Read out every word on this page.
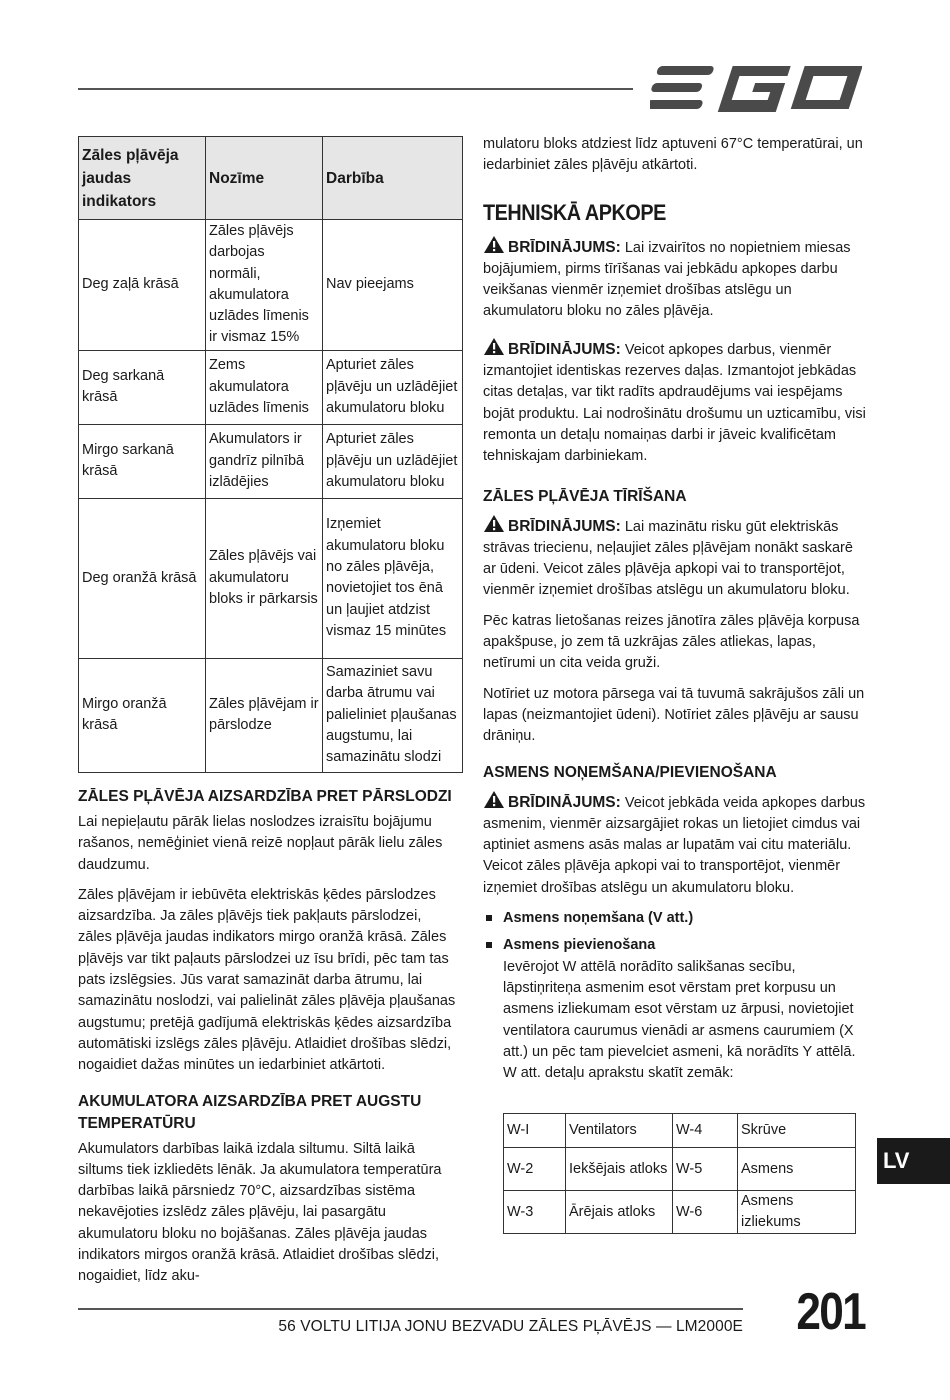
Zāles pļāvēja jaudas indikators	Nozīme	Darbība
Deg zaļā krāsā	Zāles pļāvējs darbojas normāli, akumulatora uzlādes līmenis ir vismaz 15%	Nav pieejams
Deg sarkanā krāsā	Zems akumulatora uzlādes līmenis	Apturiet zāles pļāvēju un uzlādējiet akumulatoru bloku
Mirgo sarkanā krāsā	Akumulators ir gandrīz pilnībā izlādējies	Apturiet zāles pļāvēju un uzlādējiet akumulatoru bloku
Deg oranžā krāsā	Zāles pļāvējs vai akumulatoru bloks ir pārkarsis	Izņemiet akumulatoru bloku no zāles pļāvēja, novietojiet tos ēnā un ļaujiet atdzist vismaz 15 minūtes
Mirgo oranžā krāsā	Zāles pļāvējam ir pārslodze	Samaziniet savu darba ātrumu vai palieliniet pļaušanas augstumu, lai samazinātu slodzi
ZĀLES PĻĀVĒJA AIZSARDZĪBA PRET PĀRSLODZI

Lai nepieļautu pārāk lielas noslodzes izraisītu bojājumu rašanos, nemēģiniet vienā reizē nopļaut pārāk lielu zāles daudzumu.

Zāles pļāvējam ir iebūvēta elektriskās ķēdes pārslodzes aizsardzība. Ja zāles pļāvējs tiek pakļauts pārslodzei, zāles pļāvēja jaudas indikators mirgo oranžā krāsā. Zāles pļāvējs var tikt paļauts pārslodzei uz īsu brīdi, pēc tam tas pats izslēgsies. Jūs varat samazināt darba ātrumu, lai samazinātu noslodzi, vai palielināt zāles pļāvēja pļaušanas augstumu; pretējā gadījumā elektriskās ķēdes aizsardzība automātiski izslēgs zāles pļāvēju. Atlaidiet drošības slēdzi, nogaidiet dažas minūtes un iedarbiniet atkārtoti.

AKUMULATORA AIZSARDZĪBA PRET AUGSTU TEMPERATŪRU

Akumulators darbības laikā izdala siltumu. Siltā laikā siltums tiek izkliedēts lēnāk. Ja akumulatora temperatūra darbības laikā pārsniedz 70°C, aizsardzības sistēma nekavējoties izslēdz zāles pļāvēju, lai pasargātu akumulatoru bloku no bojāšanas. Zāles pļāvēja jaudas indikators mirgos oranžā krāsā. Atlaidiet drošības slēdzi, nogaidiet, līdz aku-

mulatoru bloks atdziest līdz aptuveni 67°C temperatūrai, un iedarbiniet zāles pļāvēju atkārtoti.

TEHNISKĀ APKOPE

BRĪDINĀJUMS: Lai izvairītos no nopietniem miesas bojājumiem, pirms tīrīšanas vai jebkādu apkopes darbu veikšanas vienmēr izņemiet drošības atslēgu un akumulatoru bloku no zāles pļāvēja.

BRĪDINĀJUMS: Veicot apkopes darbus, vienmēr izmantojiet identiskas rezerves daļas. Izmantojot jebkādas citas detaļas, var tikt radīts apdraudējums vai iespējams bojāt produktu. Lai nodrošinātu drošumu un uzticamību, visi remonta un detaļu nomaiņas darbi ir jāveic kvalificētam tehniskajam darbiniekam.

ZĀLES PĻĀVĒJA TĪRĪŠANA

BRĪDINĀJUMS: Lai mazinātu risku gūt elektriskās strāvas triecienu, neļaujiet zāles pļāvējam nonākt saskarē ar ūdeni. Veicot zāles pļāvēja apkopi vai to transportējot, vienmēr izņemiet drošības atslēgu un akumulatoru bloku.

Pēc katras lietošanas reizes jānotīra zāles pļāvēja korpusa apakšpuse, jo zem tā uzkrājas zāles atliekas, lapas, netīrumi un cita veida gruži.

Notīriet uz motora pārsega vai tā tuvumā sakrājušos zāli un lapas (neizmantojiet ūdeni). Notīriet zāles pļāvēju ar sausu drāniņu.

ASMENS NOŅEMŠANA/PIEVIENOŠANA

BRĪDINĀJUMS: Veicot jebkāda veida apkopes darbus asmenim, vienmēr aizsargājiet rokas un lietojiet cimdus vai aptiniet asmens asās malas ar lupatām vai citu materiālu. Veicot zāles pļāvēja apkopi vai to transportējot, vienmēr izņemiet drošības atslēgu un akumulatoru bloku.

Asmens noņemšana (V att.)
Asmens pievienošana
Ievērojot W attēlā norādīto salikšanas secību, lāpstiņriteņa asmenim esot vērstam pret korpusu un asmens izliekumam esot vērstam uz ārpusi, novietojiet ventilatora caurumus vienādi ar asmens caurumiem (X att.) un pēc tam pievelciet asmeni, kā norādīts Y attēlā. W att. detaļu aprakstu skatīt zemāk:
W-I	Ventilators	W-4	Skrūve
W-2	Iekšējais atloks	W-5	Asmens
W-3	Ārējais atloks	W-6	Asmens izliekums
LV
56 VOLTU LITIJA JONU BEZVADU ZĀLES PĻĀVĒJS — LM2000E 201
